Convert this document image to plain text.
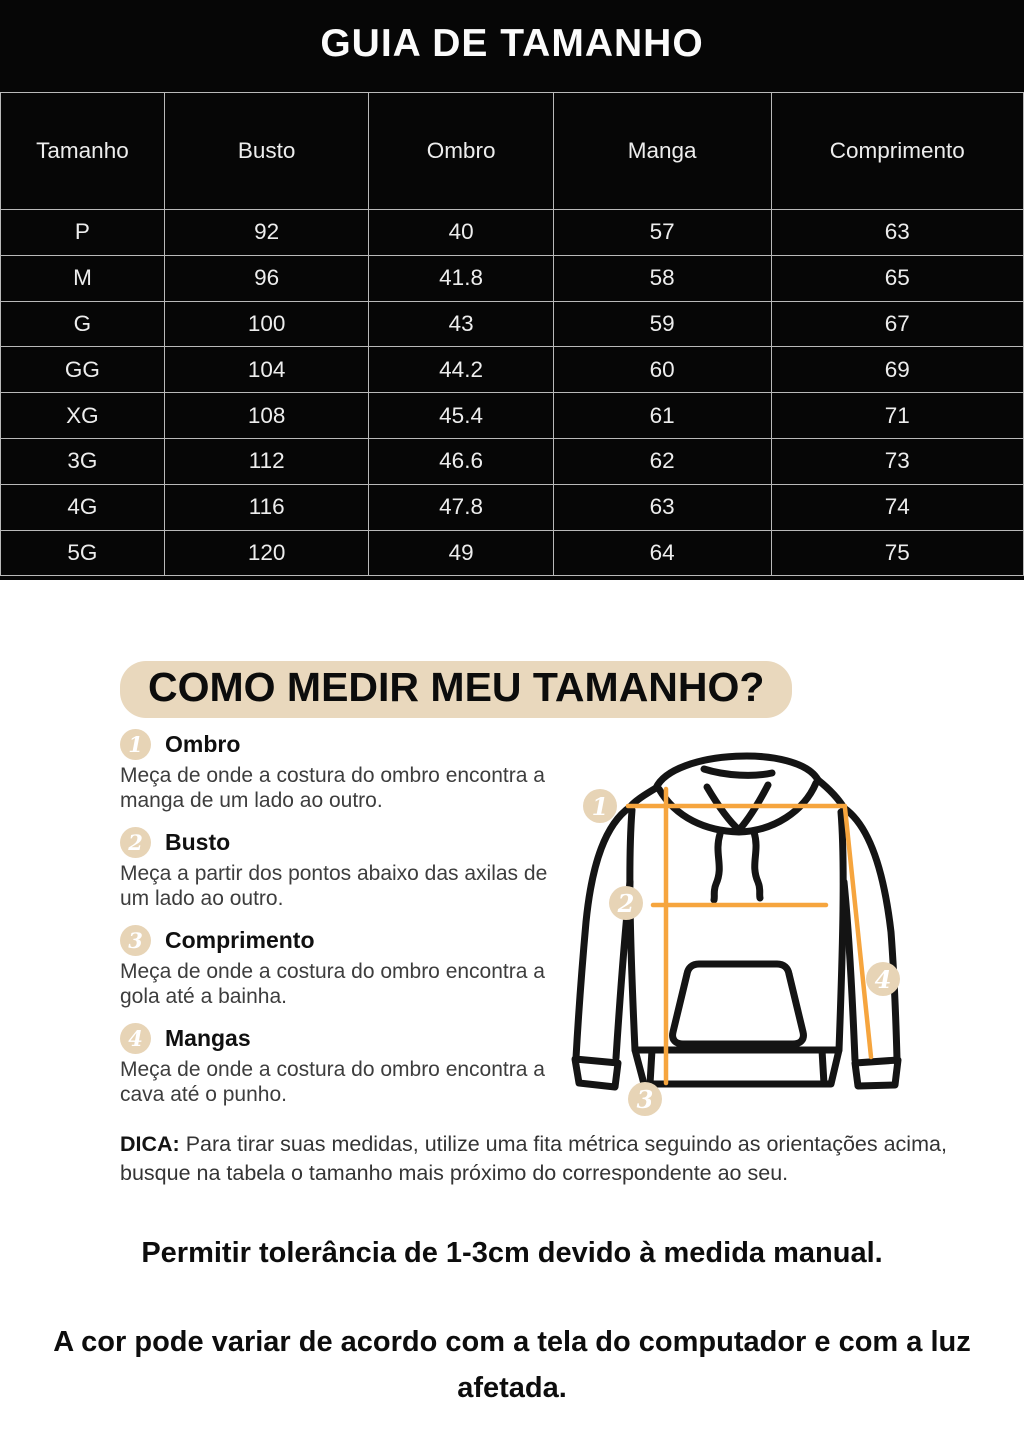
GUIA DE TAMANHO
Tamanho	Busto	Ombro	Manga	Comprimento
P	92	40	57	63
M	96	41.8	58	65
G	100	43	59	67
GG	104	44.2	60	69
XG	108	45.4	61	71
3G	112	46.6	62	73
4G	116	47.8	63	74
5G	120	49	64	75
COMO MEDIR MEU TAMANHO?
1 Ombro

Meça de onde a costura do ombro encontra a manga de um lado ao outro.

2 Busto

Meça a partir dos pontos abaixo das axilas de um lado ao outro.

3 Comprimento

Meça de onde a costura do ombro encontra a gola até a bainha.

4 Mangas

Meça de onde a costura do ombro encontra a cava até o punho.

1
2
3
4

DICA: Para tirar suas medidas, utilize uma fita métrica seguindo as orientações acima, busque na tabela o tamanho mais próximo do correspondente ao seu.

Permitir tolerância de 1-3cm devido à medida manual.

A cor pode variar de acordo com a tela do computador e com a luz afetada.
